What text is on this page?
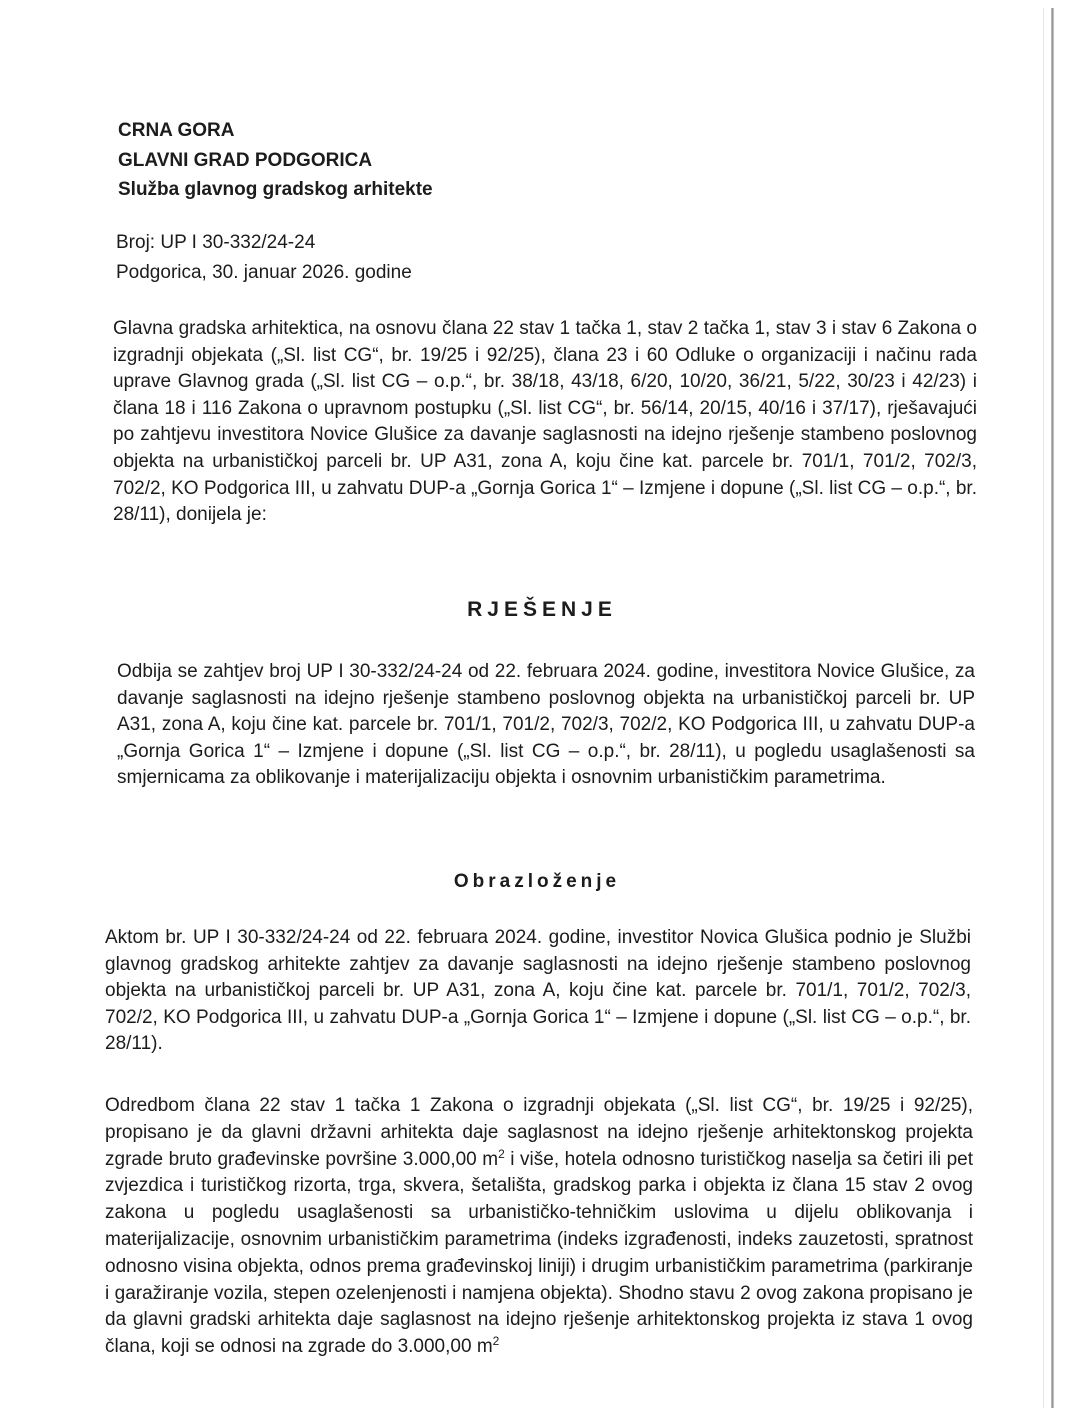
CRNA GORA
GLAVNI GRAD PODGORICA
Služba glavnog gradskog arhitekte
Broj: UP I 30-332/24-24
Podgorica, 30. januar 2026. godine
Glavna gradska arhitektica, na osnovu člana 22 stav 1 tačka 1, stav 2 tačka 1, stav 3 i stav 6 Zakona o izgradnji objekata („Sl. list CG“, br. 19/25 i 92/25), člana 23 i 60 Odluke o organizaciji i načinu rada uprave Glavnog grada („Sl. list CG – o.p.“, br. 38/18, 43/18, 6/20, 10/20, 36/21, 5/22, 30/23 i 42/23) i člana 18 i 116 Zakona o upravnom postupku („Sl. list CG“, br. 56/14, 20/15, 40/16 i 37/17), rješavajući po zahtjevu investitora Novice Glušice za davanje saglasnosti na idejno rješenje stambeno poslovnog objekta na urbanističkoj parceli br. UP A31, zona A, koju čine kat. parcele br. 701/1, 701/2, 702/3, 702/2, KO Podgorica III, u zahvatu DUP-a „Gornja Gorica 1“ – Izmjene i dopune („Sl. list CG – o.p.“, br. 28/11), donijela je:
RJEŠENJE
Odbija se zahtjev broj UP I 30-332/24-24 od 22. februara 2024. godine, investitora Novice Glušice, za davanje saglasnosti na idejno rješenje stambeno poslovnog objekta na urbanističkoj parceli br. UP A31, zona A, koju čine kat. parcele br. 701/1, 701/2, 702/3, 702/2, KO Podgorica III, u zahvatu DUP-a „Gornja Gorica 1“ – Izmjene i dopune („Sl. list CG – o.p.“, br. 28/11), u pogledu usaglašenosti sa smjernicama za oblikovanje i materijalizaciju objekta i osnovnim urbanističkim parametrima.
Obrazloženje
Aktom br. UP I 30-332/24-24 od 22. februara 2024. godine, investitor Novica Glušica podnio je Službi glavnog gradskog arhitekte zahtjev za davanje saglasnosti na idejno rješenje stambeno poslovnog objekta na urbanističkoj parceli br. UP A31, zona A, koju čine kat. parcele br. 701/1, 701/2, 702/3, 702/2, KO Podgorica III, u zahvatu DUP-a „Gornja Gorica 1“ – Izmjene i dopune („Sl. list CG – o.p.“, br. 28/11).
Odredbom člana 22 stav 1 tačka 1 Zakona o izgradnji objekata („Sl. list CG“, br. 19/25 i 92/25), propisano je da glavni državni arhitekta daje saglasnost na idejno rješenje arhitektonskog projekta zgrade bruto građevinske površine 3.000,00 $m^2$ i više, hotela odnosno turističkog naselja sa četiri ili pet zvjezdica i turističkog rizorta, trga, skvera, šetališta, gradskog parka i objekta iz člana 15 stav 2 ovog zakona u pogledu usaglašenosti sa urbanističko-tehničkim uslovima u dijelu oblikovanja i materijalizacije, osnovnim urbanističkim parametrima (indeks izgrađenosti, indeks zauzetosti, spratnost odnosno visina objekta, odnos prema građevinskoj liniji) i drugim urbanističkim parametrima (parkiranje i garažiranje vozila, stepen ozelenjenosti i namjena objekta). Shodno stavu 2 ovog zakona propisano je da glavni gradski arhitekta daje saglasnost na idejno rješenje arhitektonskog projekta iz stava 1 ovog člana, koji se odnosi na zgrade do 3.000,00 $m^2$
